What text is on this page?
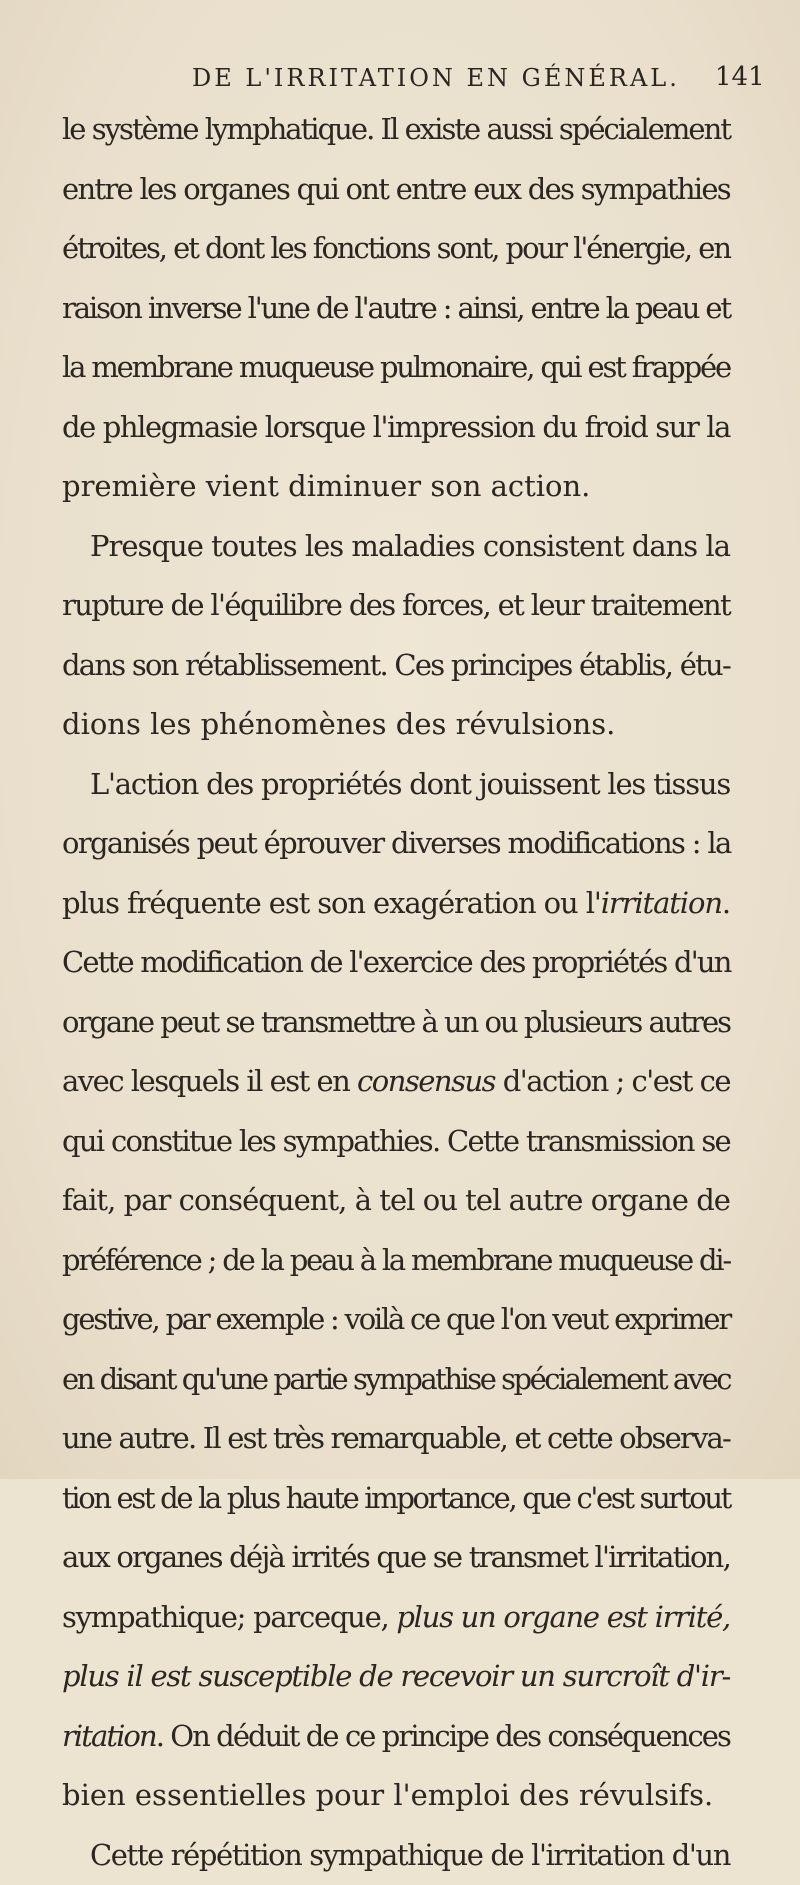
DE L'IRRITATION EN GÉNÉRAL. 141
le système lymphatique. Il existe aussi spécialement
entre les organes qui ont entre eux des sympathies
étroites, et dont les fonctions sont, pour l'énergie, en
raison inverse l'une de l'autre : ainsi, entre la peau et
la membrane muqueuse pulmonaire, qui est frappée
de phlegmasie lorsque l'impression du froid sur la
première vient diminuer son action.
Presque toutes les maladies consistent dans la
rupture de l'équilibre des forces, et leur traitement
dans son rétablissement. Ces principes établis, étu-
dions les phénomènes des révulsions.
L'action des propriétés dont jouissent les tissus
organisés peut éprouver diverses modifications : la
plus fréquente est son exagération ou l'irritation.
Cette modification de l'exercice des propriétés d'un
organe peut se transmettre à un ou plusieurs autres
avec lesquels il est en consensus d'action ; c'est ce
qui constitue les sympathies. Cette transmission se
fait, par conséquent, à tel ou tel autre organe de
préférence ; de la peau à la membrane muqueuse di-
gestive, par exemple : voilà ce que l'on veut exprimer
en disant qu'une partie sympathise spécialement avec
une autre. Il est très remarquable, et cette observa-
tion est de la plus haute importance, que c'est surtout
aux organes déjà irrités que se transmet l'irritation,
sympathique; parceque, plus un organe est irrité,
plus il est susceptible de recevoir un surcroît d'ir-
ritation. On déduit de ce principe des conséquences
bien essentielles pour l'emploi des révulsifs.
Cette répétition sympathique de l'irritation d'un
